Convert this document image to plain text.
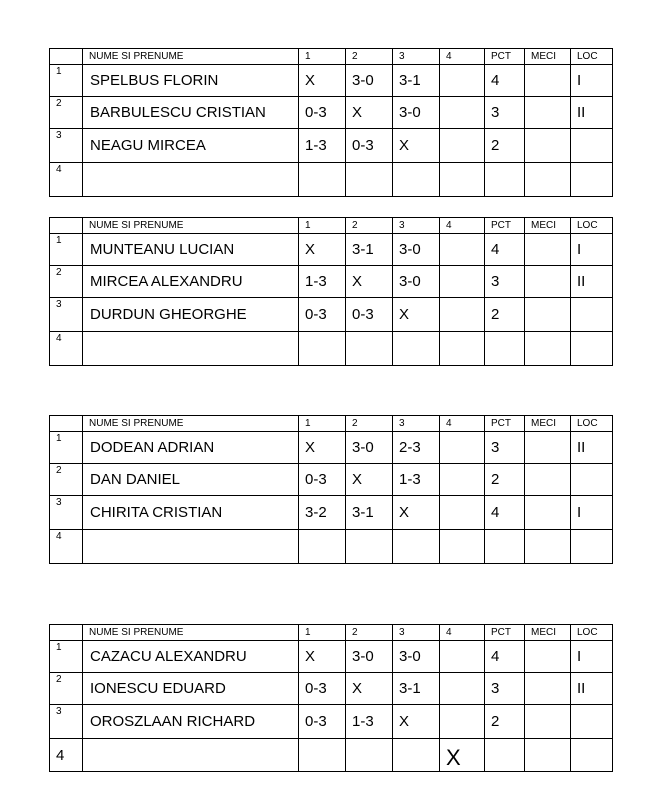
	NUME SI PRENUME	1	2	3	4	PCT	MECI	LOC
1	SPELBUS FLORIN	X	3-0	3-1		4		I
2	BARBULESCU CRISTIAN	0-3	X	3-0		3		II
3	NEAGU MIRCEA	1-3	0-3	X		2		
4								
	NUME SI PRENUME	1	2	3	4	PCT	MECI	LOC
1	MUNTEANU LUCIAN	X	3-1	3-0		4		I
2	MIRCEA ALEXANDRU	1-3	X	3-0		3		II
3	DURDUN GHEORGHE	0-3	0-3	X		2		
4								
	NUME SI PRENUME	1	2	3	4	PCT	MECI	LOC
1	DODEAN ADRIAN	X	3-0	2-3		3		II
2	DAN DANIEL	0-3	X	1-3		2		
3	CHIRITA CRISTIAN	3-2	3-1	X		4		I
4								
	NUME SI PRENUME	1	2	3	4	PCT	MECI	LOC
1	CAZACU ALEXANDRU	X	3-0	3-0		4		I
2	IONESCU EDUARD	0-3	X	3-1		3		II
3	OROSZLAAN RICHARD	0-3	1-3	X		2		
4					X			
